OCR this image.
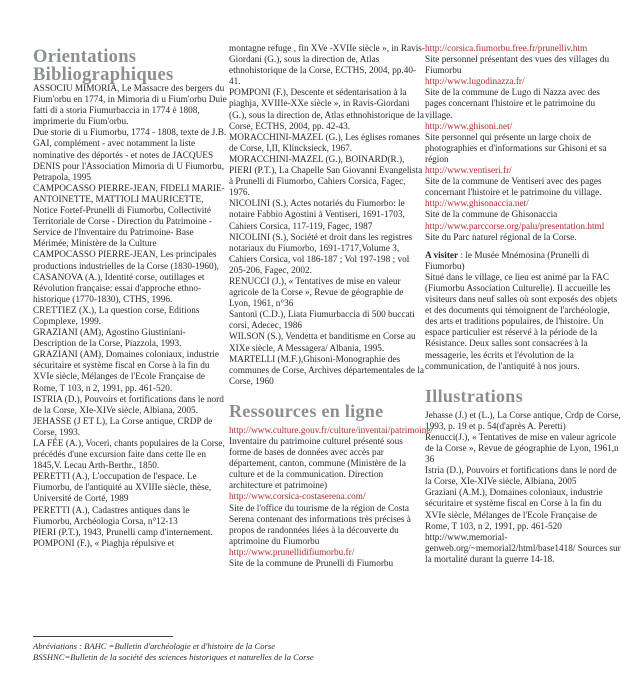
Orientations Bibliographiques

ASSOCIU MIMORIA, Le Massacre des bergers du Fium'orbu en 1774, in Mimoria di u Fium'orbu Duie fatti di a storia Fiumurbaccia in 1774 è 1808, imprimerie du Fium'orbu.

Due storie di u Fiumorbu, 1774 - 1808, texte de J.B. GAI, complément - avec notamment la liste nominative des déportés - et notes de JACQUES DENIS pour l'Association Mimoria di U Fiumorbu, Petrapola, 1995

CAMPOCASSO PIERRE-JEAN, FIDELI MARIE-ANTOINETTE, MATTIOLI MAURICETTE, Notice Fortef-Prunelli di Fiumorbu, Collectivité Territoriale de Corse - Direction du Patrimoine - Service de l'Inventaire du Patrimoine- Base Mérimée, Ministère de la Culture

CAMPOCASSO PIERRE-JEAN, Les principales productions industrielles de la Corse (1830-1960),

CASANOVA (A.), Identité corse, outillages et Révolution française: essai d'approche ethno-historique (1770-1830), CTHS, 1996.

CRETTIEZ (X.), La question corse, Editions Copmplexe, 1999.

GRAZIANI (AM), Agostino Giustiniani- Description de la Corse, Piazzola, 1993.

GRAZIANI (AM), Domaines coloniaux, industrie sécuritaire et système fiscal en Corse à la fin du XVIe siècle, Mélanges de l'Ecole Française de Rome, T 103, n 2, 1991, pp. 461-520.

ISTRIA (D.), Pouvoirs et fortifications dans le nord de la Corse, XIe-XIVe siècle, Albiana, 2005.

JEHASSE (J ET L), La Corse antique, CRDP de Corse, 1993.

LA FÉE (A.), Voceri, chants populaires de la Corse, précédés d'une excursion faite dans cette île en 1845,V. Lecau Arth-Berthr., 1850.

PERETTI (A.), L'occupation de l'espace. Le Fiumorbu, de l'antiquité au XVIIIe siècle, thèse, Université de Corté, 1989

PERETTI (A.), Cadastres antiques dans le Fiumorbu, Archéologia Corsa, n°12-13

PIERI (P.T.), 1943, Prunelli camp d'internement.

POMPONI (F.), « Piaghja répulsive et

montagne refuge , fin XVe -XVIIe siècle », in Ravis-Giordani (G.), sous la direction de, Atlas ethnohistorique de la Corse, ECTHS, 2004, pp.40-41.

POMPONI (F.), Descente et sédentarisation à la piaghja, XVIIIe-XXe siècle », in Ravis-Giordani (G.), sous la direction de, Atlas ethnohistorique de la Corse, ECTHS, 2004, pp. 42-43.

MORACCHINI-MAZEL (G.), Les églises romanes de Corse, I,II, Klincksieck, 1967.

MORACCHINI-MAZEL (G.), BOINARD(R.),

PIERI (P.T.), La Chapelle San Giovanni Evangelista à Prunelli di Fiumorbo, Cahiers Corsica, Fagec, 1976.

NICOLINI (S.), Actes notariés du Fiumorbo: le notaire Fabbio Agostini à Ventiseri, 1691-1703, Cahiers Corsica, 117-119, Fagec, 1987

NICOLINI (S.), Société et droit dans les registres notariaux du Fiumorbo, 1691-1717,Volume 3, Cahiers Corsica, vol 186-187 ; Vol 197-198 ; vol 205-206, Fagec, 2002.

RENUCCI (J.), « Tentatives de mise en valeur agricole de la Corse », Revue de géographie de Lyon, 1961, n°36

Santoni (C.D.), Liata Fiumurbaccia di 500 buccati corsi, Adecec, 1986

WILSON (S.), Vendetta et banditisme en Corse au XIXe siècle, A Messagera/ Albania, 1995.

MARTELLI (M.F.),Ghisoni-Monographie des communes de Corse, Archives départementales de la Corse, 1960

Ressources en ligne
http://www.culture.gouv.fr/culture/inventai/patrimoine/

Inventaire du patrimoine culturel présenté sous forme de bases de données avec accès par département, canton, commune (Ministère de la culture et de la communication. Direction architecture et patrimoine)

http://www.corsica-costaserena.com/

Site de l'office du tourisme de la région de Costa Serena contenant des informations très précises à propos de randonnées liées à la découverte du aptrimoine du Fiumorbu

http://www.prunellidifiumorbu.fr/

Site de la commune de Prunelli di Fiumorbu

http://corsica.fiumorbu.free.fr/prunelliv.htm

Site personnel présentant des vues des villages du Fiumorbu

http://www.lugodinazza.fr/

Site de la commune de Lugo di Nazza avec des pages concernant l'histoire et le patrimoine du village.

http://www.ghisoni.net/

Site personnel qui présente un large choix de photographies et d'informations sur Ghisoni et sa région

http://www.ventiseri.fr/

Site de la commune de Ventiseri avec des pages concernant l'histoire et le patrimoine du village.

http://www.ghisonaccia.net/

Site de la commune de Ghisonaccia

http://www.parccorse.org/palu/presentation.html

Site du Parc naturel régional de la Corse.

A visiter : le Musée Mnémosina (Prunelli di Fiumorbu)

Situé dans le village, ce lieu est animé par la FAC (Fiumorbu Association Culturelle). Il accueille les visiteurs dans neuf salles où sont exposés des objets et des documents qui témoignent de l'archéologie, des arts et traditions populaires, de l'histoire. Un espace particulier est réservé à la période de la Résistance. Deux salles sont consacrées à la messagerie, les écrits et l'évolution de la communication, de l'antiquité à nos jours.

Illustrations

Jehasse (J.) et (L.), La Corse antique, Crdp de Corse, 1993, p. 19 et p. 54(d'après A. Peretti)

Renucci(J.), « Tentatives de mise en valeur agricole de la Corse », Revue de géographie de Lyon, 1961,n 36

Istria (D.), Pouvoirs et fortifications dans le nord de la Corse, XIe-XIVe siècle, Albiana, 2005

Graziani (A.M.), Domaines coloniaux, industrie sécuritaire et système fiscal en Corse à la fin du XVIe siècle, Mélanges de l'Ecole Française de Rome, T 103, n 2, 1991, pp. 461-520

http://www.memorial-genweb.org/~memorial2/html/base1418/ Sources sur la mortalité durant la guerre 14-18.

Abréviations : BAHC =Bulletin d'archéologie et d'histoire de la Corse

BSSHNC=Bulletin de la société des sciences historiques et naturelles de la Corse
